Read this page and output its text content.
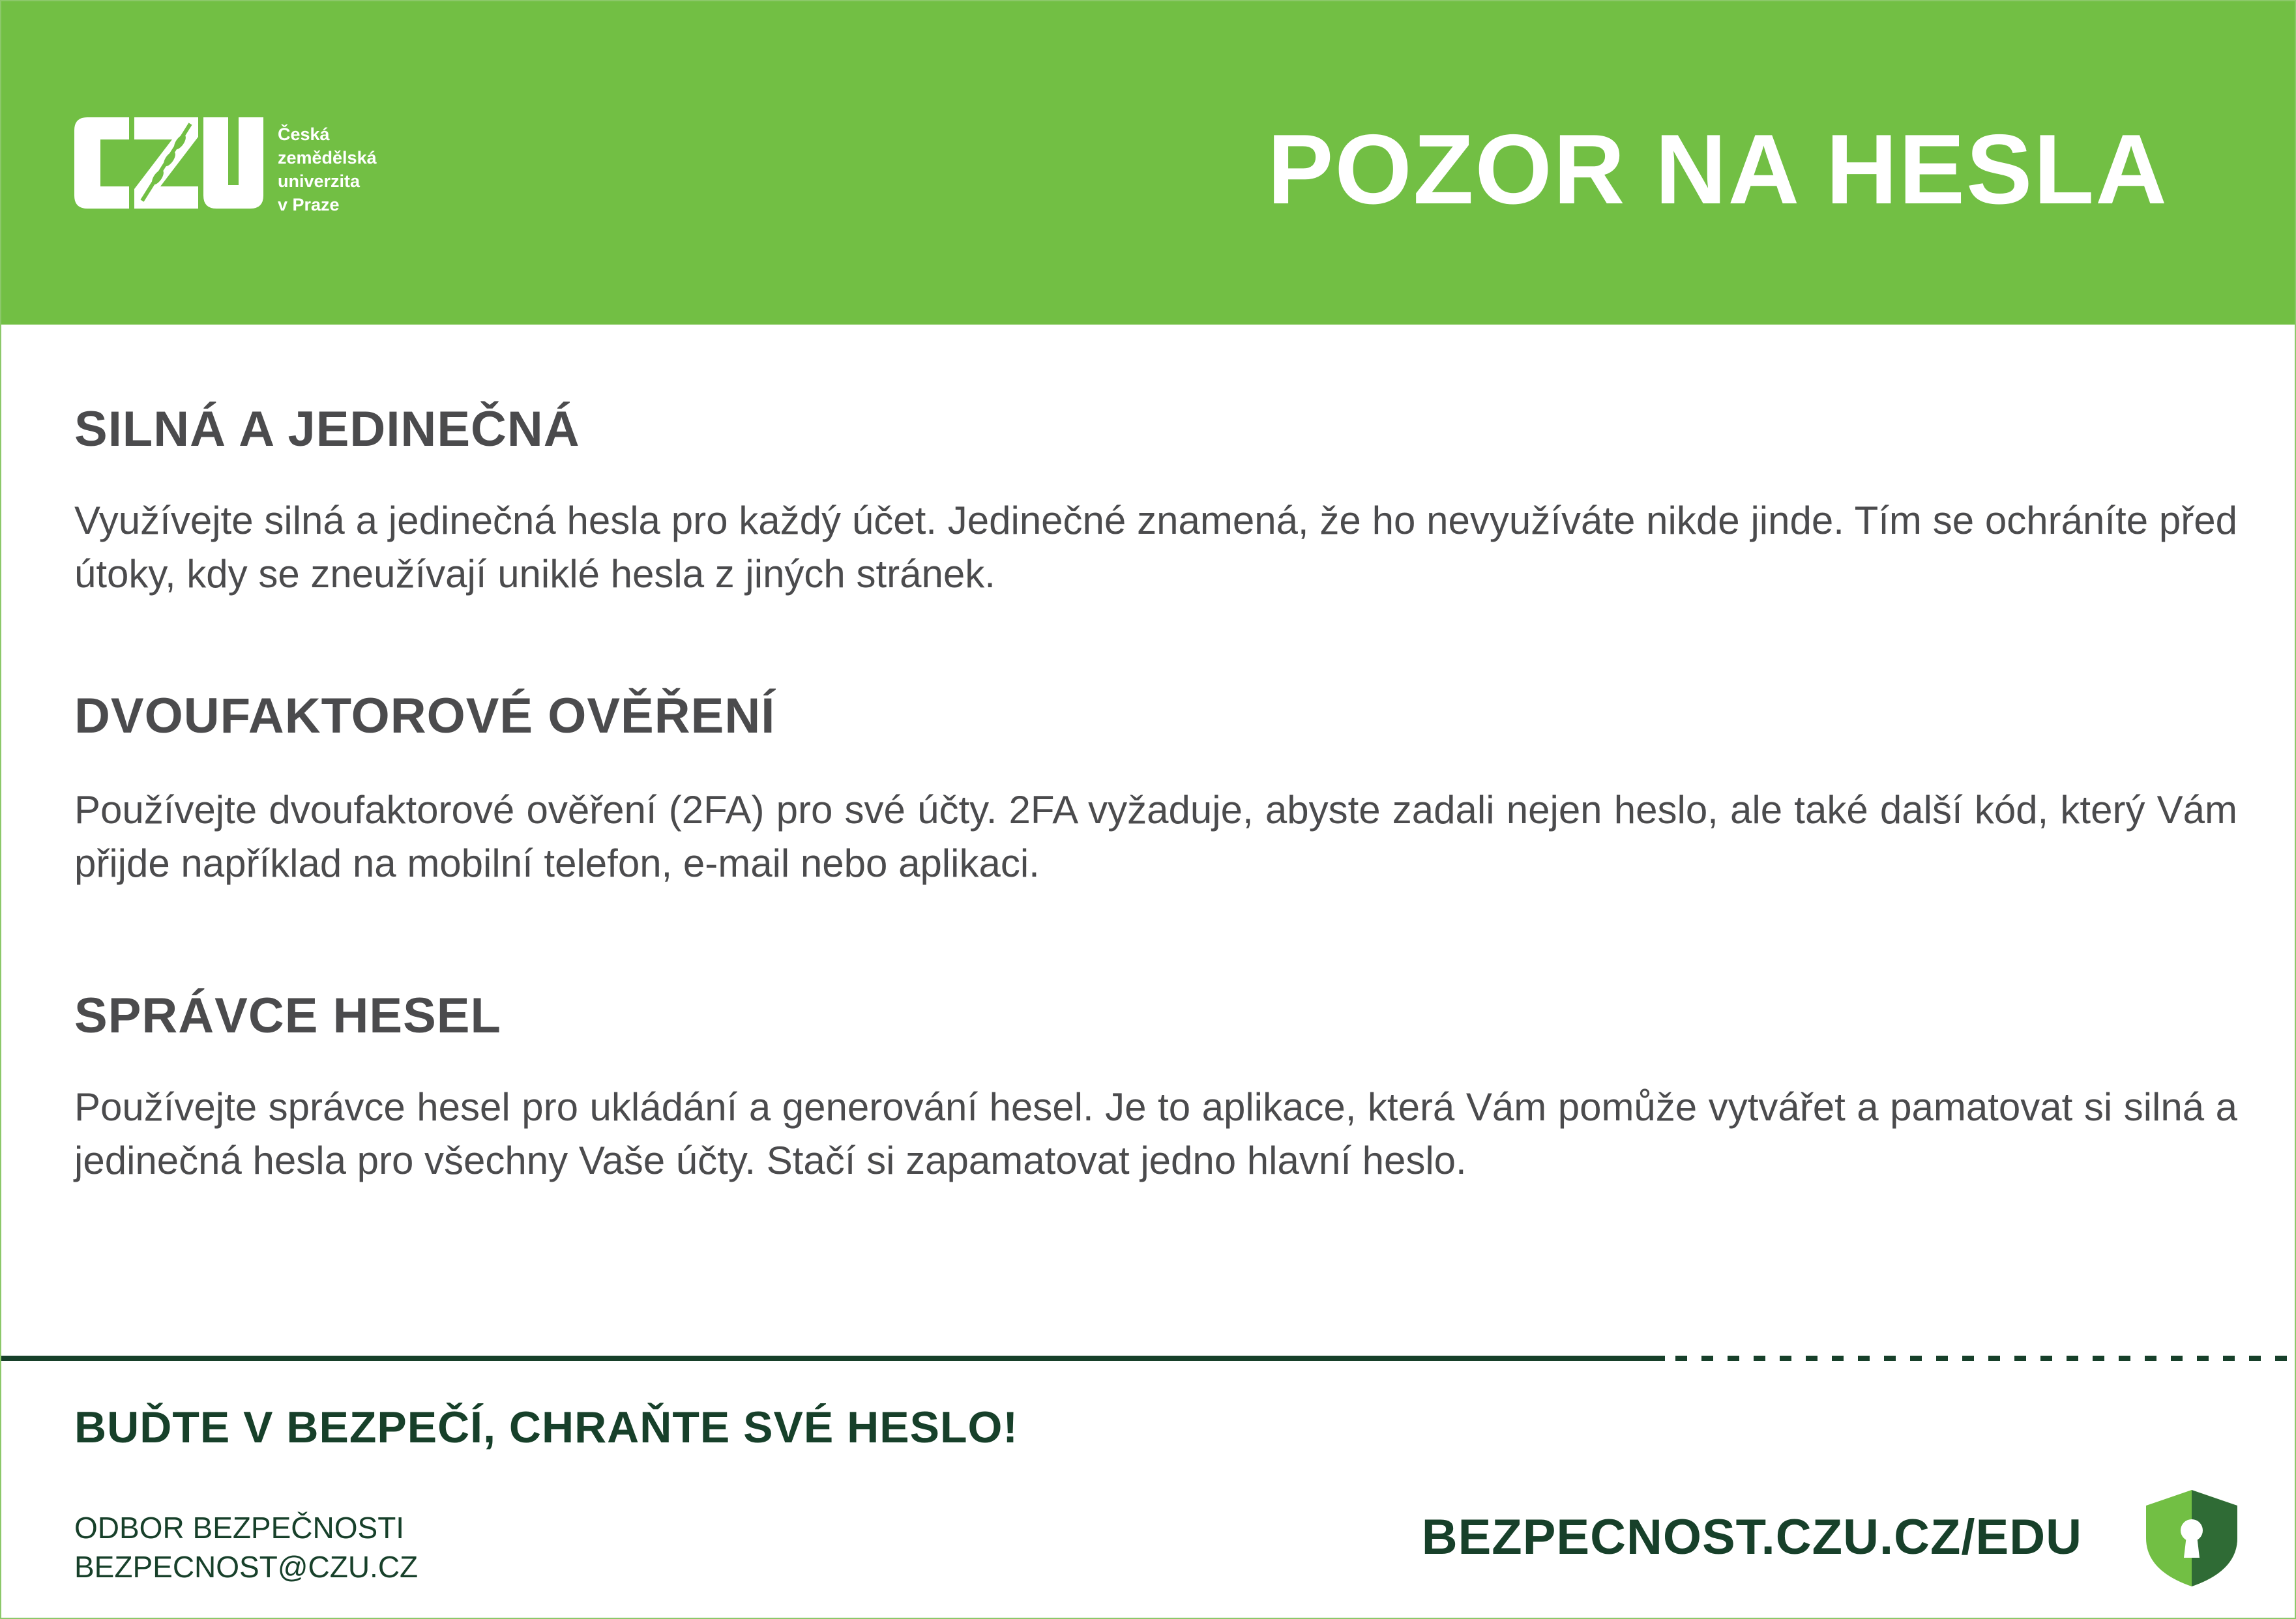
Česká
zemědělská
univerzita
v Praze	POZOR NA HESLA
SILNÁ A JEDINEČNÁ

Využívejte silná a jedinečná hesla pro každý účet. Jedinečné znamená, že ho nevyužíváte nikde jinde. Tím se ochráníte před útoky, kdy se zneužívají uniklé hesla z jiných stránek.

DVOUFAKTOROVÉ OVĚŘENÍ

Používejte dvoufaktorové ověření (2FA) pro své účty. 2FA vyžaduje, abyste zadali nejen heslo, ale také další kód, který Vám přijde například na mobilní telefon, e-mail nebo aplikaci.

SPRÁVCE HESEL

Používejte správce hesel pro ukládání a generování hesel. Je to aplikace, která Vám pomůže vytvářet a pamatovat si silná a jedinečná hesla pro všechny Vaše účty. Stačí si zapamatovat jedno hlavní heslo.

BUĎTE V BEZPEČÍ, CHRAŇTE SVÉ HESLO!
ODBOR BEZPEČNOSTI
BEZPECNOST@CZU.CZ
BEZPECNOST.CZU.CZ/EDU
